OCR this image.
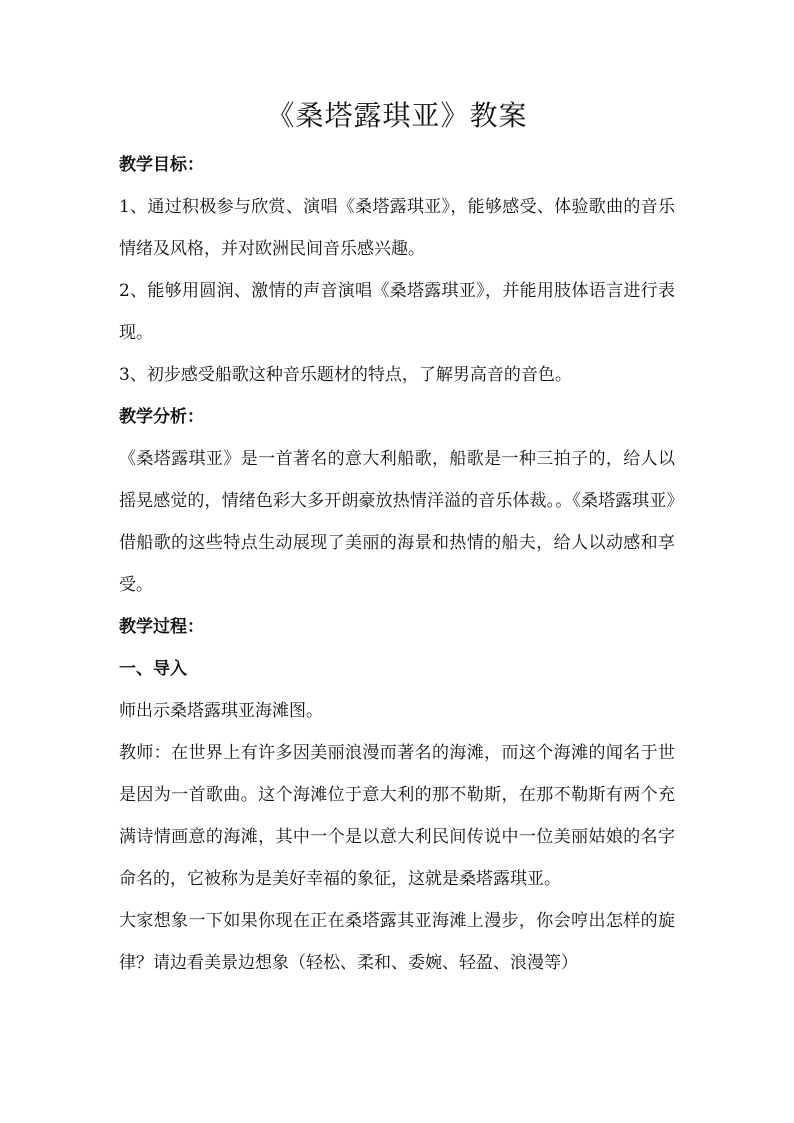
《桑塔露琪亚》教案

教学目标：

1、通过积极参与欣赏、演唱《桑塔露琪亚》，能够感受、体验歌曲的音乐情绪及风格，并对欧洲民间音乐感兴趣。

2、能够用圆润、激情的声音演唱《桑塔露琪亚》，并能用肢体语言进行表现。

3、初步感受船歌这种音乐题材的特点，了解男高音的音色。

教学分析：

《桑塔露琪亚》是一首著名的意大利船歌，船歌是一种三拍子的，给人以摇晃感觉的，情绪色彩大多开朗豪放热情洋溢的音乐体裁。。《桑塔露琪亚》借船歌的这些特点生动展现了美丽的海景和热情的船夫，给人以动感和享受。

教学过程：

一、导入

师出示桑塔露琪亚海滩图。

教师：在世界上有许多因美丽浪漫而著名的海滩，而这个海滩的闻名于世是因为一首歌曲。这个海滩位于意大利的那不勒斯，在那不勒斯有两个充满诗情画意的海滩，其中一个是以意大利民间传说中一位美丽姑娘的名字命名的，它被称为是美好幸福的象征，这就是桑塔露琪亚。

大家想象一下如果你现在正在桑塔露其亚海滩上漫步，你会哼出怎样的旋律？请边看美景边想象（轻松、柔和、委婉、轻盈、浪漫等）
